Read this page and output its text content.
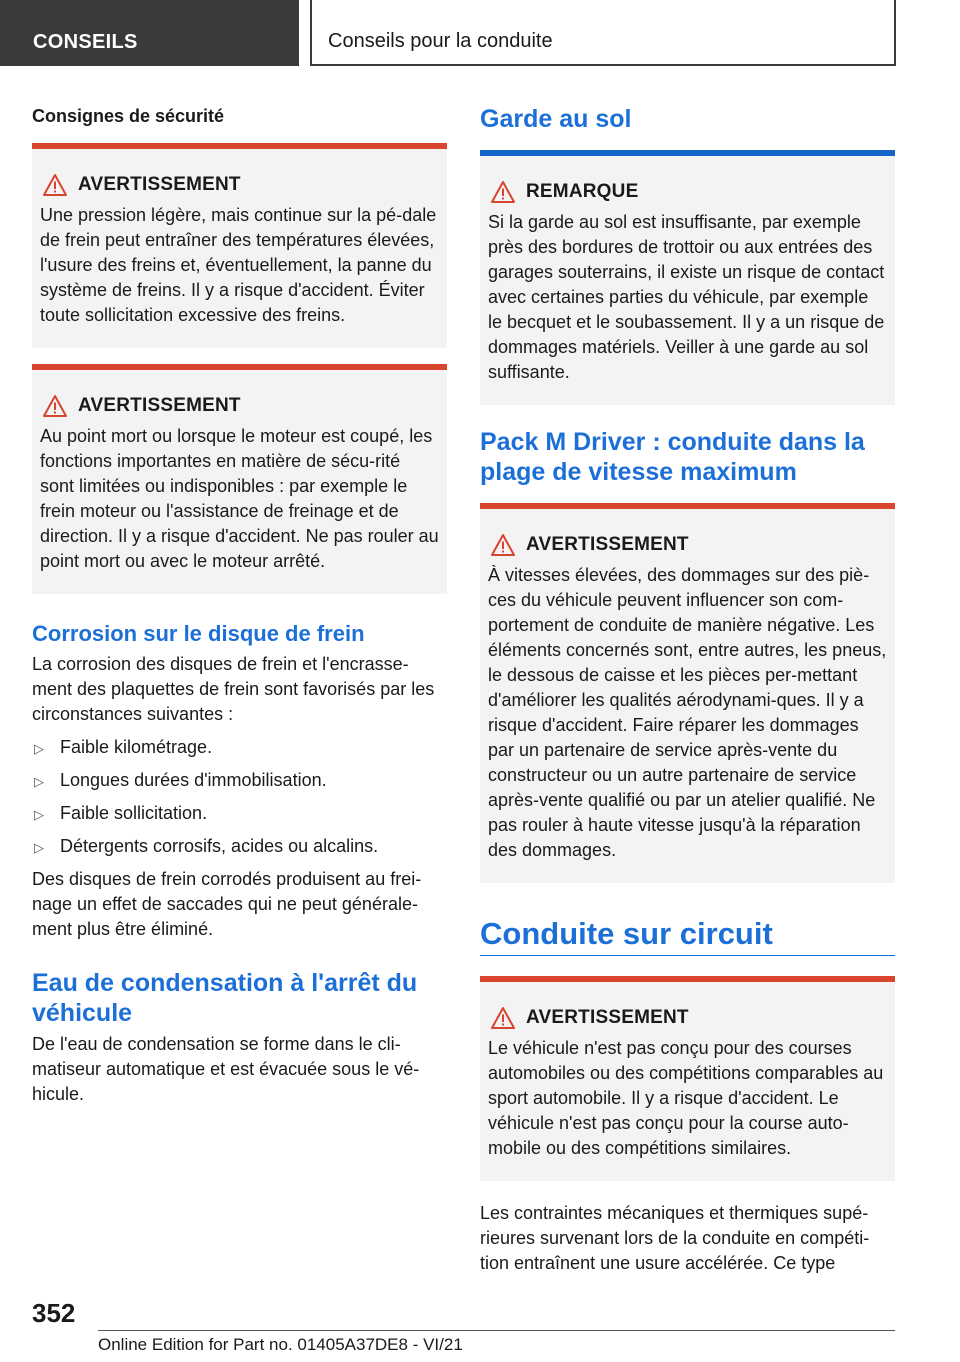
CONSEILS	Conseils pour la conduite
Consignes de sécurité
AVERTISSEMENT
Une pression légère, mais continue sur la pé-dale de frein peut entraîner des températures élevées, l'usure des freins et, éventuellement, la panne du système de freins. Il y a risque d'accident. Éviter toute sollicitation excessive des freins.
AVERTISSEMENT
Au point mort ou lorsque le moteur est coupé, les fonctions importantes en matière de sécu-rité sont limitées ou indisponibles : par exemple le frein moteur ou l'assistance de freinage et de direction. Il y a risque d'accident. Ne pas rouler au point mort ou avec le moteur arrêté.
Corrosion sur le disque de frein
La corrosion des disques de frein et l'encrasse-ment des plaquettes de frein sont favorisés par les circonstances suivantes :
▷ Faible kilométrage.
▷ Longues durées d'immobilisation.
▷ Faible sollicitation.
▷ Détergents corrosifs, acides ou alcalins.
Des disques de frein corrodés produisent au frei-nage un effet de saccades qui ne peut générale-ment plus être éliminé.
Eau de condensation à l'arrêt du véhicule
De l'eau de condensation se forme dans le cli-matiseur automatique et est évacuée sous le vé-hicule.
Garde au sol
REMARQUE
Si la garde au sol est insuffisante, par exemple près des bordures de trottoir ou aux entrées des garages souterrains, il existe un risque de contact avec certaines parties du véhicule, par exemple le becquet et le soubassement. Il y a un risque de dommages matériels. Veiller à une garde au sol suffisante.
Pack M Driver : conduite dans la plage de vitesse maximum
AVERTISSEMENT
À vitesses élevées, des dommages sur des piè-ces du véhicule peuvent influencer son com-portement de conduite de manière négative. Les éléments concernés sont, entre autres, les pneus, le dessous de caisse et les pièces per-mettant d'améliorer les qualités aérodynami-ques. Il y a risque d'accident. Faire réparer les dommages par un partenaire de service après-vente du constructeur ou un autre partenaire de service après-vente qualifié ou par un atelier qualifié. Ne pas rouler à haute vitesse jusqu'à la réparation des dommages.
Conduite sur circuit
AVERTISSEMENT
Le véhicule n'est pas conçu pour des courses automobiles ou des compétitions comparables au sport automobile. Il y a risque d'accident. Le véhicule n'est pas conçu pour la course auto-mobile ou des compétitions similaires.
Les contraintes mécaniques et thermiques supé-rieures survenant lors de la conduite en compéti-tion entraînent une usure accélérée. Ce type
352
Online Edition for Part no. 01405A37DE8 - VI/21
